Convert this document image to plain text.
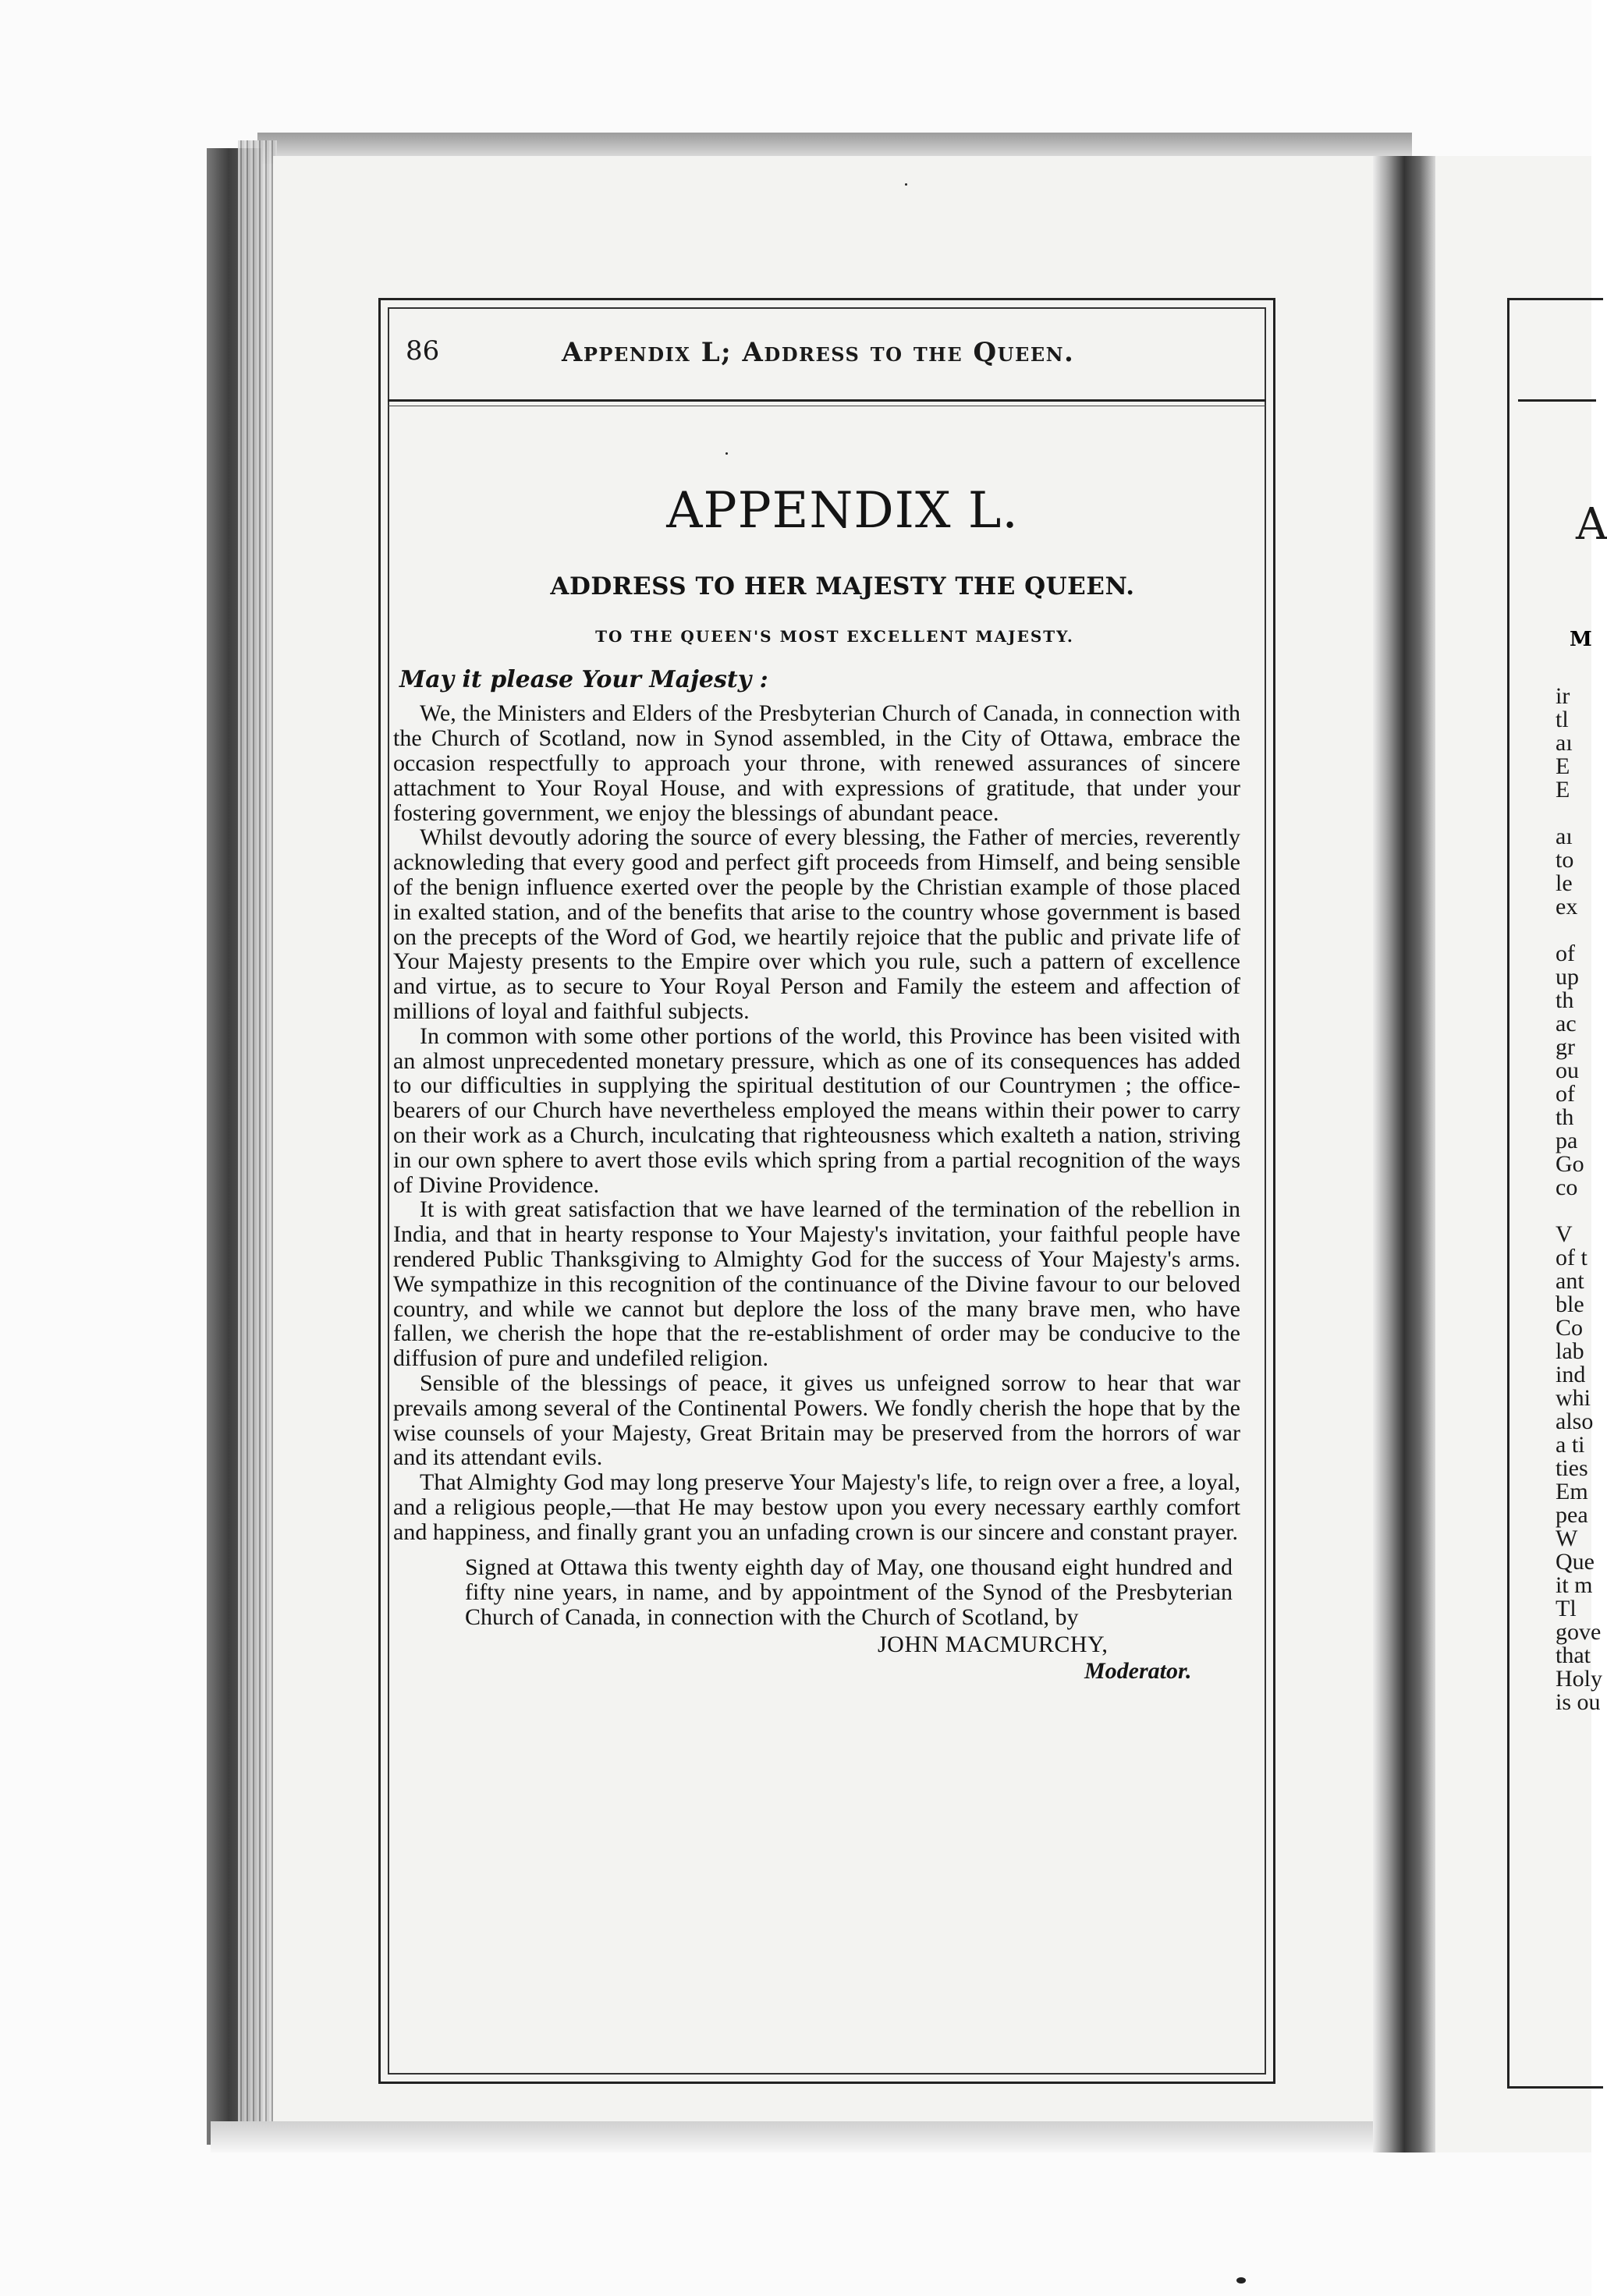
86	Appendix L; Address to the Queen.
APPENDIX L.
ADDRESS TO HER MAJESTY THE QUEEN.
TO THE QUEEN'S MOST EXCELLENT MAJESTY.
May it please Your Majesty :

We, the Ministers and Elders of the Presbyterian Church of Canada, in connection with the Church of Scotland, now in Synod assembled, in the City of Ottawa, embrace the occasion respectfully to approach your throne, with renewed assurances of sincere attachment to Your Royal House, and with expressions of gratitude, that under your fostering government, we enjoy the blessings of abundant peace.

Whilst devoutly adoring the source of every blessing, the Father of mercies, reverently acknowleding that every good and perfect gift proceeds from Himself, and being sensible of the benign influence exerted over the people by the Christian example of those placed in exalted station, and of the benefits that arise to the country whose government is based on the precepts of the Word of God, we heartily rejoice that the public and private life of Your Majesty presents to the Empire over which you rule, such a pattern of excellence and virtue, as to secure to Your Royal Person and Family the esteem and affection of millions of loyal and faithful subjects.

In common with some other portions of the world, this Province has been visited with an almost unprecedented monetary pressure, which as one of its consequences has added to our difficulties in supplying the spiritual destitution of our Countrymen ; the office-bearers of our Church have nevertheless employed the means within their power to carry on their work as a Church, inculcating that righteousness which exalteth a nation, striving in our own sphere to avert those evils which spring from a partial recognition of the ways of Divine Providence.

It is with great satisfaction that we have learned of the termination of the rebellion in India, and that in hearty response to Your Majesty's invitation, your faithful people have rendered Public Thanksgiving to Almighty God for the success of Your Majesty's arms. We sympathize in this recognition of the continuance of the Divine favour to our beloved country, and while we cannot but deplore the loss of the many brave men, who have fallen, we cherish the hope that the re-establishment of order may be conducive to the diffusion of pure and undefiled religion.

Sensible of the blessings of peace, it gives us unfeigned sorrow to hear that war prevails among several of the Continental Powers. We fondly cherish the hope that by the wise counsels of your Majesty, Great Britain may be preserved from the horrors of war and its attendant evils.

That Almighty God may long preserve Your Majesty's life, to reign over a free, a loyal, and a religious people,—that He may bestow upon you every necessary earthly comfort and happiness, and finally grant you an unfading crown is our sincere and constant prayer.

Signed at Ottawa this twenty eighth day of May, one thousand eight hundred and fifty nine years, in name, and by appointment of the Synod of the Presbyterian Church of Canada, in connection with the Church of Scotland, by

JOHN MACMURCHY,
Moderator.
A
M
ir
tl
aı
E
E
aı
to
le
ex
of
up
th
ac
gr
ou
of
th
pa
Go
co
V
of t
ant
ble
Co
lab
ind
whi
also
a ti
ties
Em
pea
W
Que
it m
Tl
gove
that
Holy
is ou
